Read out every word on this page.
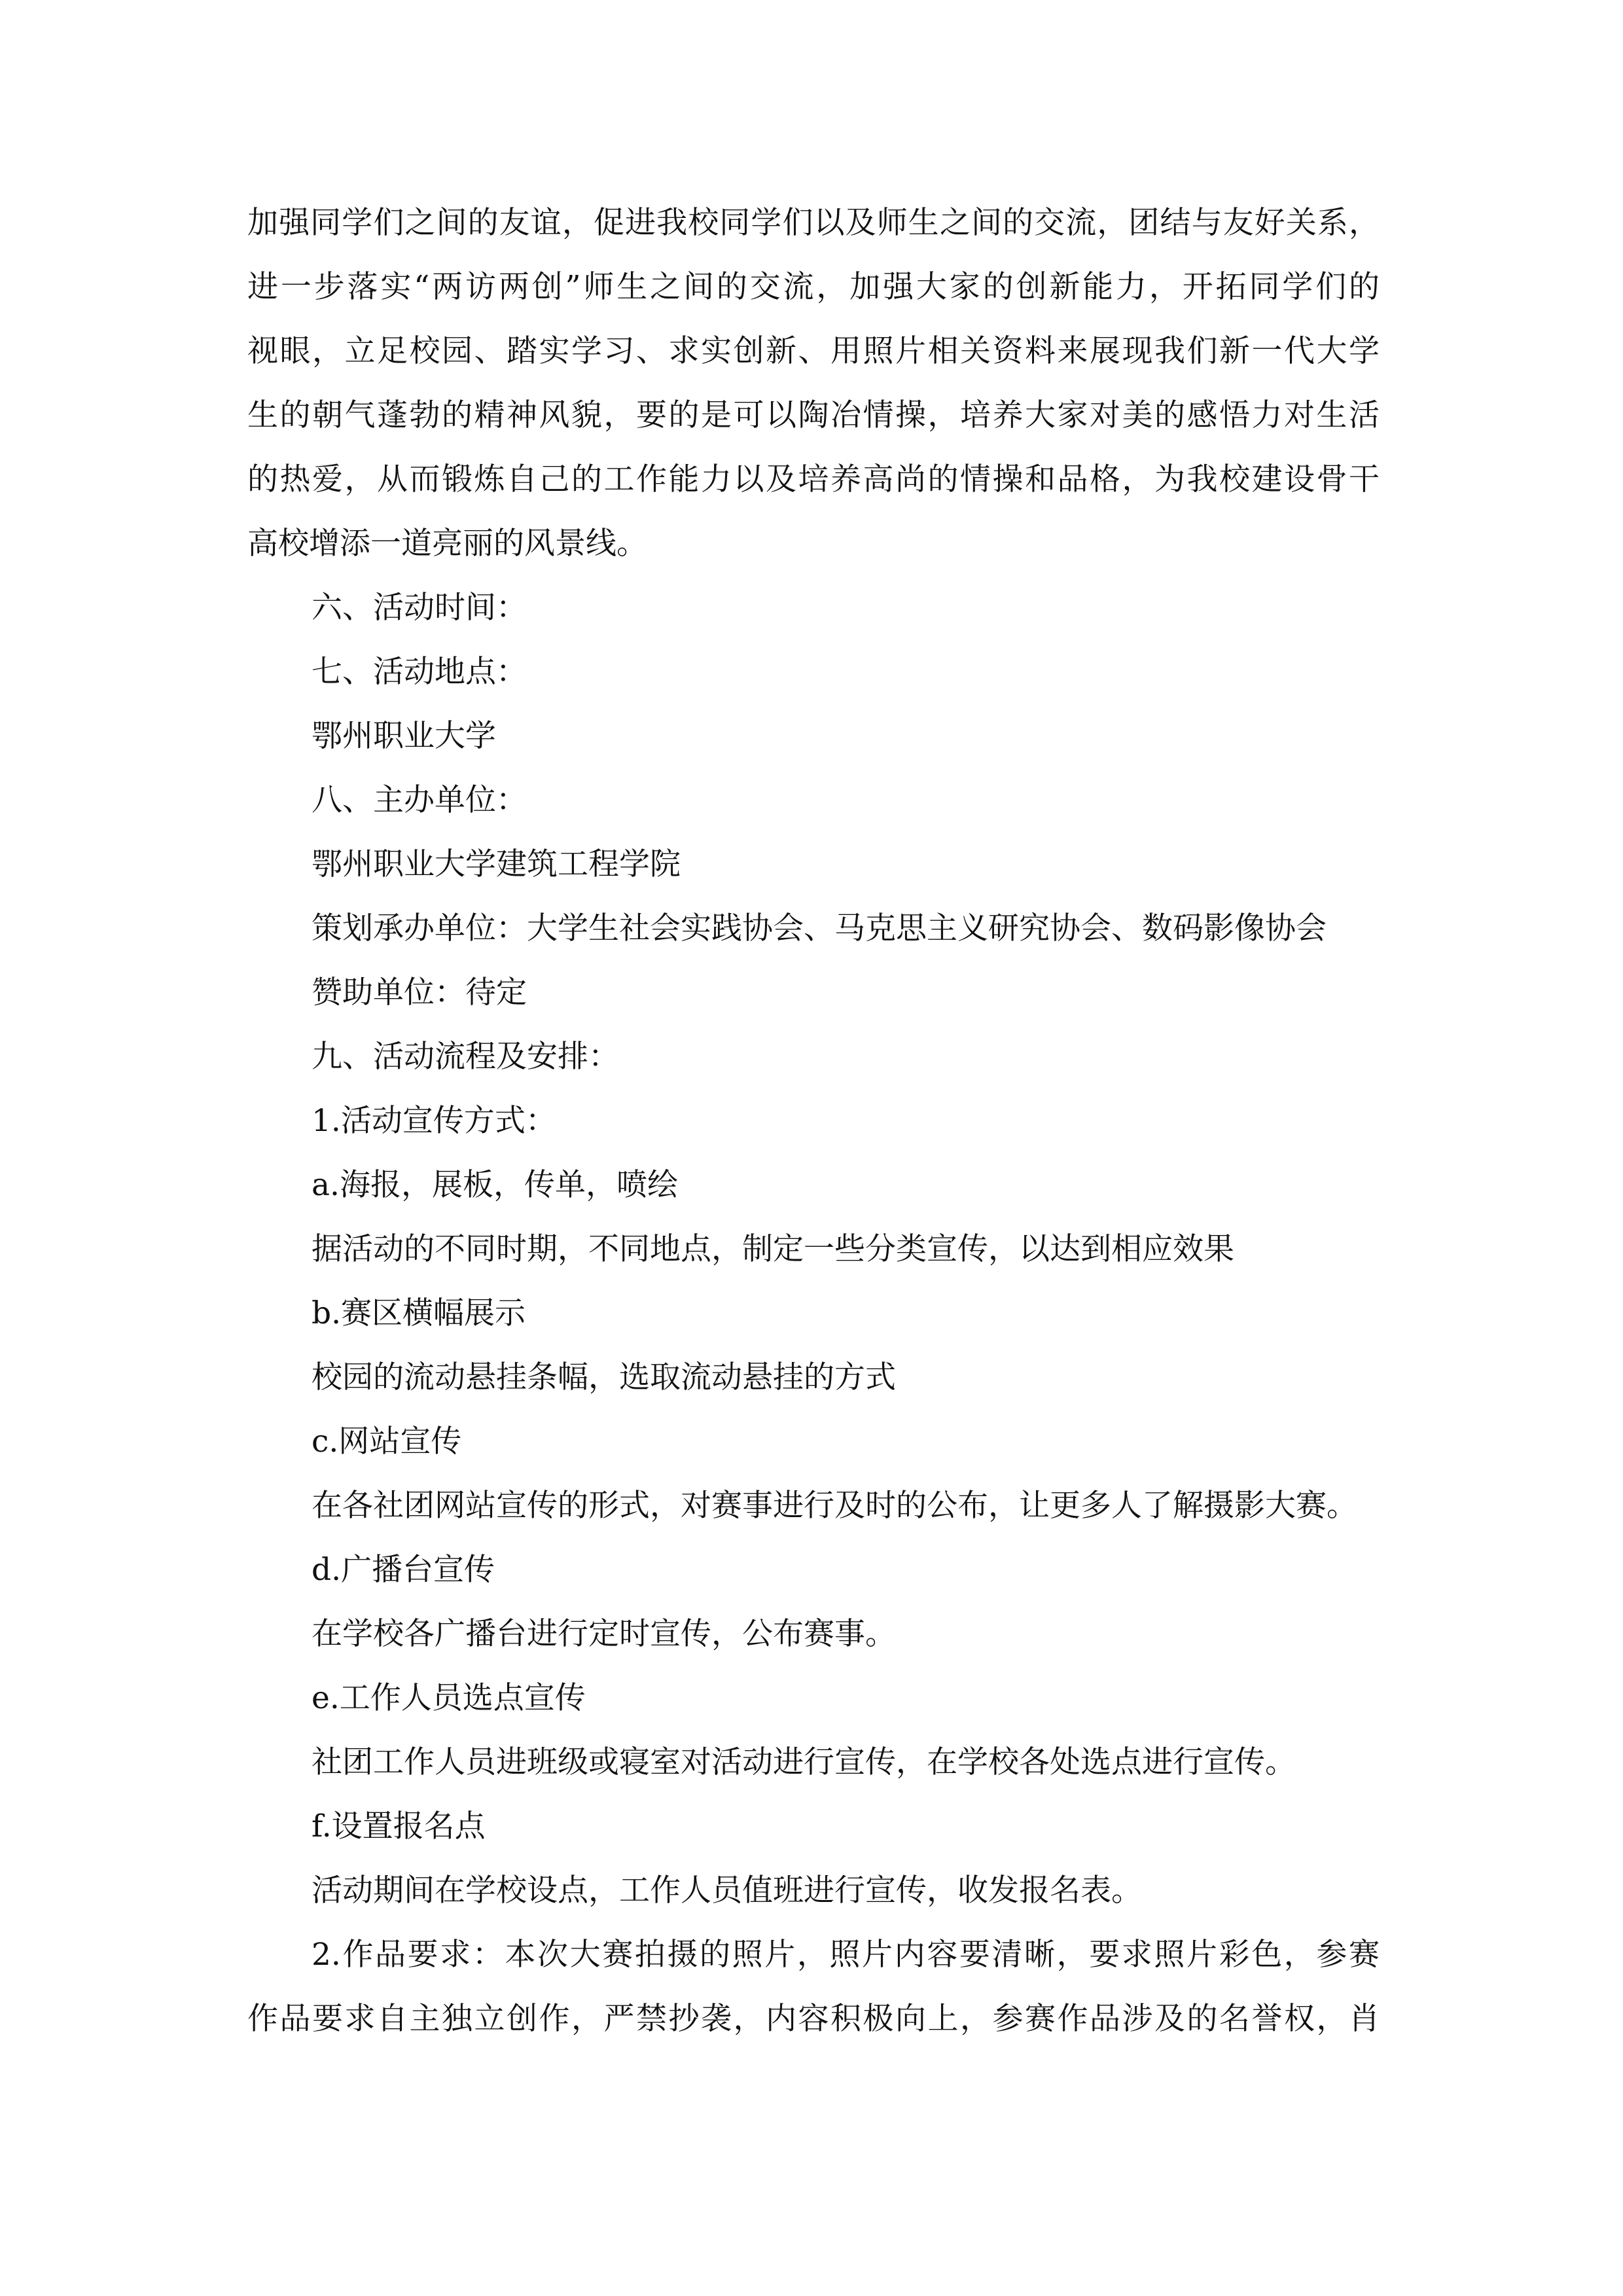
加强同学们之间的友谊，促进我校同学们以及师生之间的交流，团结与友好关系，
进一步落实“两访两创”师生之间的交流，加强大家的创新能力，开拓同学们的
视眼，立足校园、踏实学习、求实创新、用照片相关资料来展现我们新一代大学
生的朝气蓬勃的精神风貌，要的是可以陶冶情操，培养大家对美的感悟力对生活
的热爱，从而锻炼自己的工作能力以及培养高尚的情操和品格，为我校建设骨干
高校增添一道亮丽的风景线。
六、活动时间：
七、活动地点：
鄂州职业大学
八、主办单位：
鄂州职业大学建筑工程学院
策划承办单位：大学生社会实践协会、马克思主义研究协会、数码影像协会
赞助单位：待定
九、活动流程及安排：
1.活动宣传方式：
a.海报，展板，传单，喷绘
据活动的不同时期，不同地点，制定一些分类宣传，以达到相应效果
b.赛区横幅展示
校园的流动悬挂条幅，选取流动悬挂的方式
c.网站宣传
在各社团网站宣传的形式，对赛事进行及时的公布，让更多人了解摄影大赛。
d.广播台宣传
在学校各广播台进行定时宣传，公布赛事。
e.工作人员选点宣传
社团工作人员进班级或寝室对活动进行宣传，在学校各处选点进行宣传。
f.设置报名点
活动期间在学校设点，工作人员值班进行宣传，收发报名表。
2.作品要求：本次大赛拍摄的照片，照片内容要清晰，要求照片彩色，参赛
作品要求自主独立创作，严禁抄袭，内容积极向上，参赛作品涉及的名誉权，肖
